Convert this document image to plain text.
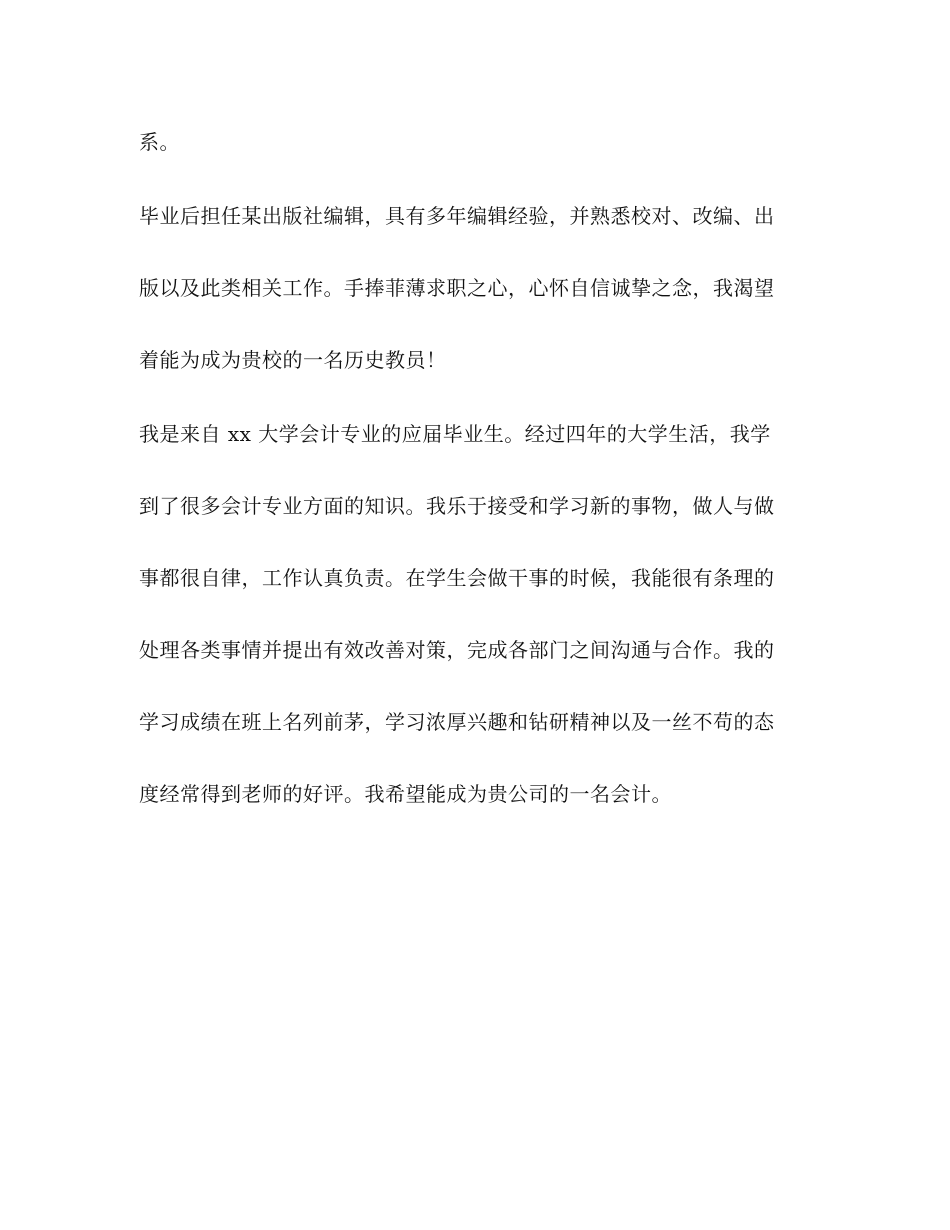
系。

毕业后担任某出版社编辑，具有多年编辑经验，并熟悉校对、改编、出

版以及此类相关工作。手捧菲薄求职之心，心怀自信诚挚之念，我渴望

着能为成为贵校的一名历史教员！

我是来自 xx 大学会计专业的应届毕业生。经过四年的大学生活，我学

到了很多会计专业方面的知识。我乐于接受和学习新的事物，做人与做

事都很自律，工作认真负责。在学生会做干事的时候，我能很有条理的

处理各类事情并提出有效改善对策，完成各部门之间沟通与合作。我的

学习成绩在班上名列前茅，学习浓厚兴趣和钻研精神以及一丝不苟的态

度经常得到老师的好评。我希望能成为贵公司的一名会计。
